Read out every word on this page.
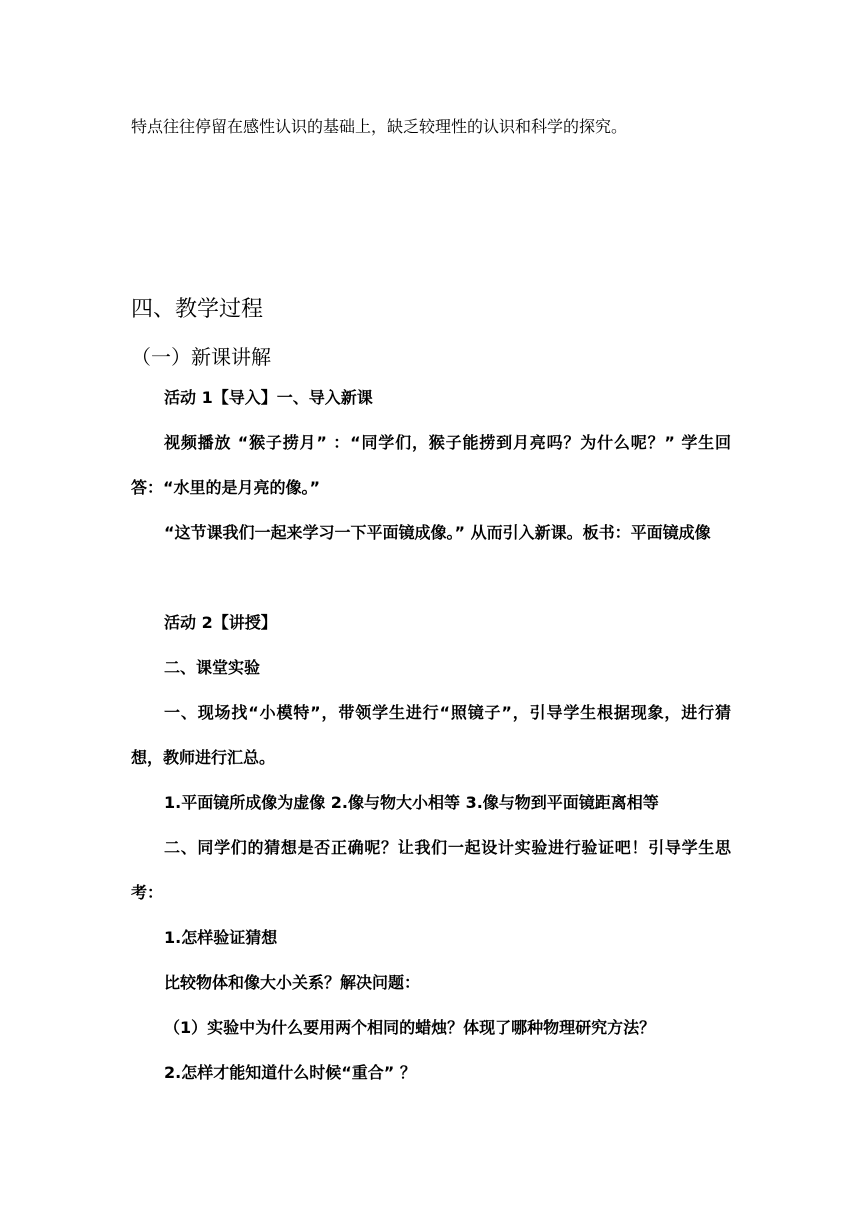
特点往往停留在感性认识的基础上，缺乏较理性的认识和科学的探究。

四、教学过程
（一）新课讲解

活动 1【导入】一、导入新课

视频播放 “猴子捞月” ：“同学们，猴子能捞到月亮吗？为什么呢？” 学生回答：“水里的是月亮的像。”

“这节课我们一起来学习一下平面镜成像。” 从而引入新课。板书：平面镜成像

活动 2【讲授】

二、课堂实验

一、现场找“小模特”，带领学生进行“照镜子”，引导学生根据现象，进行猜想，教师进行汇总。

1.平面镜所成像为虚像 2.像与物大小相等 3.像与物到平面镜距离相等

二、同学们的猜想是否正确呢？让我们一起设计实验进行验证吧！引导学生思考：

1.怎样验证猜想

比较物体和像大小关系？解决问题：

（1）实验中为什么要用两个相同的蜡烛？体现了哪种物理研究方法？

2.怎样才能知道什么时候“重合” ？
